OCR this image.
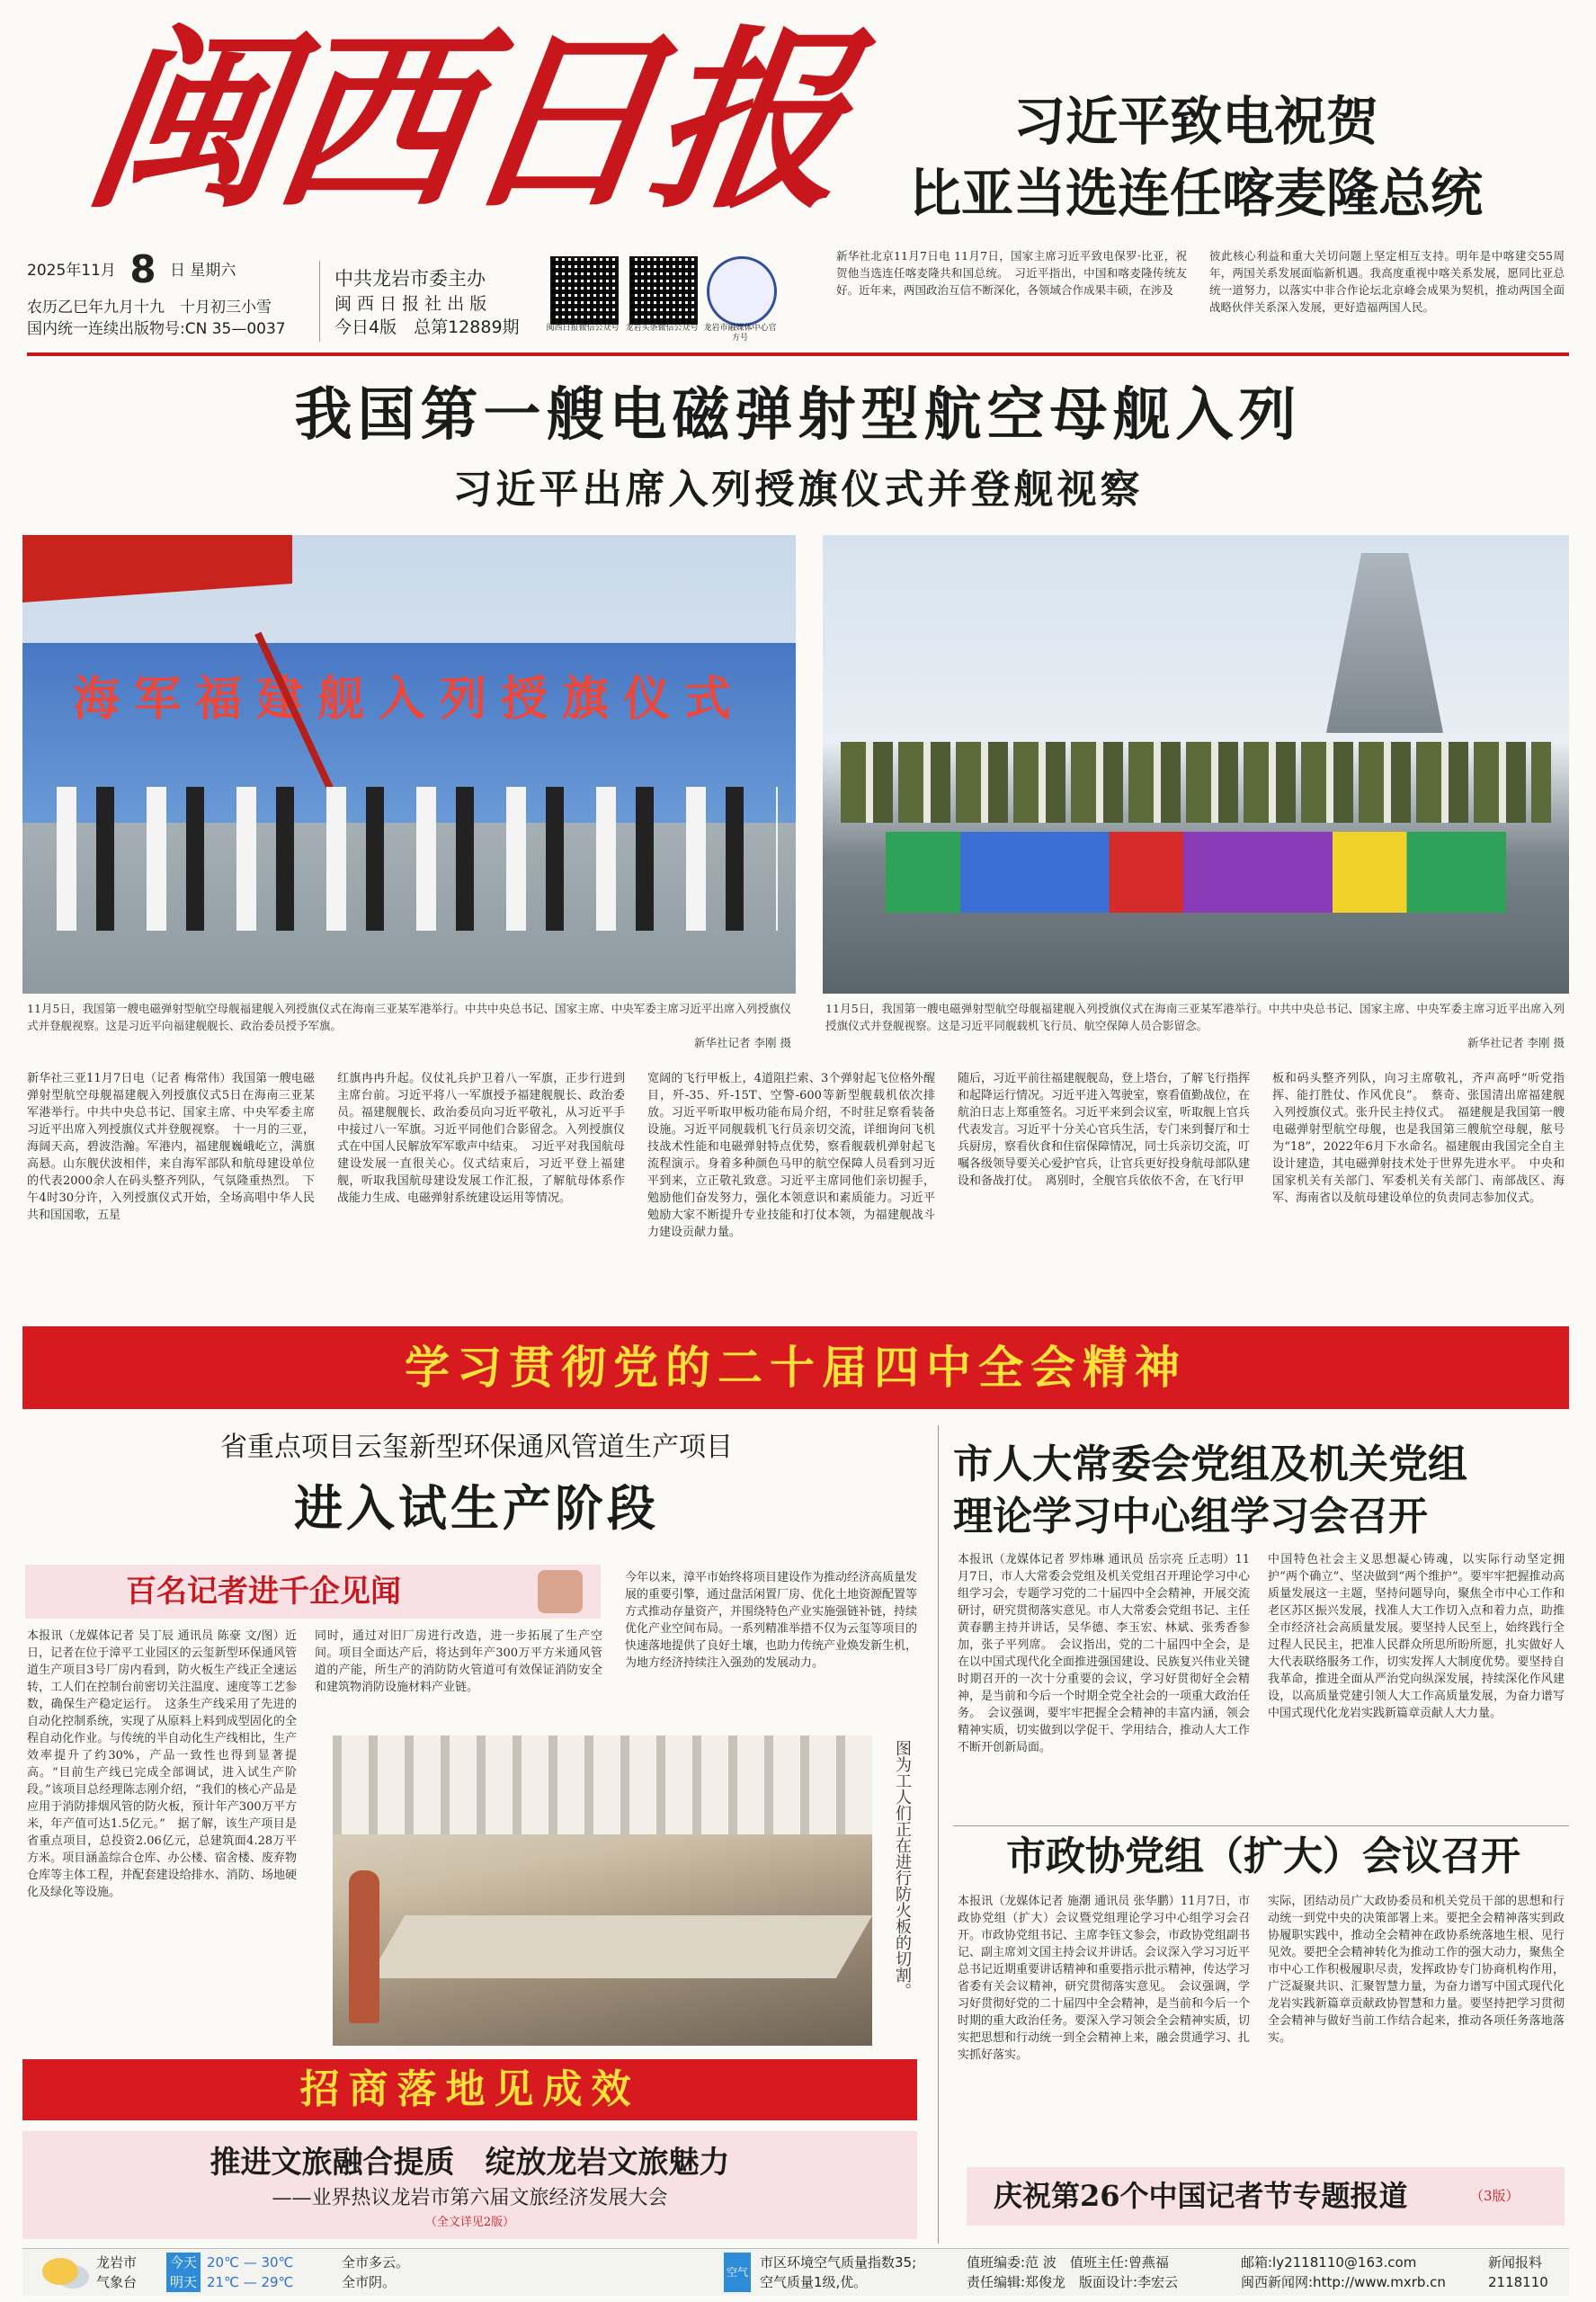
闽西日报
2025年11月 8 日 星期六
农历乙巳年九月十九　十月初三小雪
国内统一连续出版物号:CN 35—0037
中共龙岩市委主办
闽 西 日 报 社 出 版
今日4版　总第12889期	闽西日报微信公众号 龙岩头条微信公众号 龙岩市融媒体中心官方号
习近平致电祝贺
比亚当选连任喀麦隆总统
新华社北京11月7日电 11月7日，国家主席习近平致电保罗·比亚，祝贺他当选连任喀麦隆共和国总统。　习近平指出，中国和喀麦隆传统友好。近年来，两国政治互信不断深化，各领域合作成果丰硕，在涉及
彼此核心利益和重大关切问题上坚定相互支持。明年是中喀建交55周年，两国关系发展面临新机遇。我高度重视中喀关系发展，愿同比亚总统一道努力，以落实中非合作论坛北京峰会成果为契机，推动两国全面战略伙伴关系深入发展，更好造福两国人民。
我国第一艘电磁弹射型航空母舰入列
习近平出席入列授旗仪式并登舰视察
海军福建舰入列授旗仪式
11月5日，我国第一艘电磁弹射型航空母舰福建舰入列授旗仪式在海南三亚某军港举行。中共中央总书记、国家主席、中央军委主席习近平出席入列授旗仪式并登舰视察。这是习近平向福建舰舰长、政治委员授予军旗。
新华社记者 李刚 摄
11月5日，我国第一艘电磁弹射型航空母舰福建舰入列授旗仪式在海南三亚某军港举行。中共中央总书记、国家主席、中央军委主席习近平出席入列授旗仪式并登舰视察。这是习近平同舰载机飞行员、航空保障人员合影留念。
新华社记者 李刚 摄
新华社三亚11月7日电（记者 梅常伟）我国第一艘电磁弹射型航空母舰福建舰入列授旗仪式5日在海南三亚某军港举行。中共中央总书记、国家主席、中央军委主席习近平出席入列授旗仪式并登舰视察。　十一月的三亚，海阔天高，碧波浩瀚。军港内，福建舰巍峨屹立，满旗高悬。山东舰伏波相伴，来自海军部队和航母建设单位的代表2000余人在码头整齐列队，气氛隆重热烈。　下午4时30分许，入列授旗仪式开始，全场高唱中华人民共和国国歌，五星
红旗冉冉升起。仪仗礼兵护卫着八一军旗，正步行进到主席台前。习近平将八一军旗授予福建舰舰长、政治委员。福建舰舰长、政治委员向习近平敬礼，从习近平手中接过八一军旗。习近平同他们合影留念。入列授旗仪式在中国人民解放军军歌声中结束。　习近平对我国航母建设发展一直很关心。仪式结束后，习近平登上福建舰，听取我国航母建设发展工作汇报，了解航母体系作战能力生成、电磁弹射系统建设运用等情况。
宽阔的飞行甲板上，4道阻拦索、3个弹射起飞位格外醒目，歼-35、歼-15T、空警-600等新型舰载机依次排放。习近平听取甲板功能布局介绍，不时驻足察看装备设施。习近平同舰载机飞行员亲切交流，详细询问飞机技战术性能和电磁弹射特点优势，察看舰载机弹射起飞流程演示。身着多种颜色马甲的航空保障人员看到习近平到来，立正敬礼致意。习近平主席同他们亲切握手，勉励他们奋发努力，强化本领意识和素质能力。习近平勉励大家不断提升专业技能和打仗本领，为福建舰战斗力建设贡献力量。
随后，习近平前往福建舰舰岛，登上塔台，了解飞行指挥和起降运行情况。习近平进入驾驶室，察看值勤战位，在航泊日志上郑重签名。习近平来到会议室，听取舰上官兵代表发言。习近平十分关心官兵生活，专门来到餐厅和士兵厨房，察看伙食和住宿保障情况，同士兵亲切交流，叮嘱各级领导要关心爱护官兵，让官兵更好投身航母部队建设和备战打仗。　离别时，全舰官兵依依不舍，在飞行甲
板和码头整齐列队，向习主席敬礼，齐声高呼“听党指挥、能打胜仗、作风优良”。　蔡奇、张国清出席福建舰入列授旗仪式。张升民主持仪式。　福建舰是我国第一艘电磁弹射型航空母舰，也是我国第三艘航空母舰，舷号为“18”，2022年6月下水命名。福建舰由我国完全自主设计建造，其电磁弹射技术处于世界先进水平。　中央和国家机关有关部门、军委机关有关部门、南部战区、海军、海南省以及航母建设单位的负责同志参加仪式。
学习贯彻党的二十届四中全会精神
省重点项目云玺新型环保通风管道生产项目
进入试生产阶段
百名记者进千企见闻
本报讯（龙媒体记者 吴丁辰 通讯员 陈豪 文/图）近日，记者在位于漳平工业园区的云玺新型环保通风管道生产项目3号厂房内看到，防火板生产线正全速运转，工人们在控制台前密切关注温度、速度等工艺参数，确保生产稳定运行。　这条生产线采用了先进的自动化控制系统，实现了从原料上料到成型固化的全程自动化作业。与传统的半自动化生产线相比，生产效率提升了约30%，产品一致性也得到显著提高。“目前生产线已完成全部调试，进入试生产阶段。”该项目总经理陈志刚介绍，“我们的核心产品是应用于消防排烟风管的防火板，预计年产300万平方米，年产值可达1.5亿元。”　据了解，该生产项目是省重点项目，总投资2.06亿元，总建筑面4.28万平方米。项目涵盖综合仓库、办公楼、宿舍楼、废弃物仓库等主体工程，并配套建设给排水、消防、场地硬化及绿化等设施。
同时，通过对旧厂房进行改造，进一步拓展了生产空间。项目全面达产后，将达到年产300万平方米通风管道的产能，所生产的消防防火管道可有效保证消防安全和建筑物消防设施材料产业链。
今年以来，漳平市始终将项目建设作为推动经济高质量发展的重要引擎，通过盘活闲置厂房、优化土地资源配置等方式推动存量资产，并围绕特色产业实施强链补链，持续优化产业空间布局。一系列精准举措不仅为云玺等项目的快速落地提供了良好土壤，也助力传统产业焕发新生机，为地方经济持续注入强劲的发展动力。
图为工人们正在进行防火板的切割。
招商落地见成效
推进文旅融合提质　绽放龙岩文旅魅力
——业界热议龙岩市第六届文旅经济发展大会
（全文详见2版）
市人大常委会党组及机关党组
理论学习中心组学习会召开
本报讯（龙媒体记者 罗炜琳 通讯员 岳宗亮 丘志明）11月7日，市人大常委会党组及机关党组召开理论学习中心组学习会，专题学习党的二十届四中全会精神，开展交流研讨，研究贯彻落实意见。市人大常委会党组书记、主任黄春鹏主持并讲话，吴华德、李玉宏、林斌、张秀香参加，张子平列席。　会议指出，党的二十届四中全会，是在以中国式现代化全面推进强国建设、民族复兴伟业关键时期召开的一次十分重要的会议，学习好贯彻好全会精神，是当前和今后一个时期全党全社会的一项重大政治任务。　会议强调，要牢牢把握全会精神的丰富内涵，领会精神实质，切实做到以学促干、学用结合，推动人大工作不断开创新局面。
中国特色社会主义思想凝心铸魂，以实际行动坚定拥护“两个确立”、坚决做到“两个维护”。要牢牢把握推动高质量发展这一主题，坚持问题导向，聚焦全市中心工作和老区苏区振兴发展，找准人大工作切入点和着力点，助推全市经济社会高质量发展。要坚持人民至上，始终践行全过程人民民主，把准人民群众所思所盼所愿，扎实做好人大代表联络服务工作，切实发挥人大制度优势。要坚持自我革命，推进全面从严治党向纵深发展，持续深化作风建设，以高质量党建引领人大工作高质量发展，为奋力谱写中国式现代化龙岩实践新篇章贡献人大力量。
市政协党组（扩大）会议召开
本报讯（龙媒体记者 施潮 通讯员 张华鹏）11月7日，市政协党组（扩大）会议暨党组理论学习中心组学习会召开。市政协党组书记、主席李钰文参会，市政协党组副书记、副主席刘文国主持会议并讲话。会议深入学习习近平总书记近期重要讲话精神和重要指示批示精神，传达学习省委有关会议精神，研究贯彻落实意见。　会议强调，学习好贯彻好党的二十届四中全会精神，是当前和今后一个时期的重大政治任务。要深入学习领会全会精神实质，切实把思想和行动统一到全会精神上来，融会贯通学习、扎实抓好落实。
实际，团结动员广大政协委员和机关党员干部的思想和行动统一到党中央的决策部署上来。要把全会精神落实到政协履职实践中，推动全会精神在政协系统落地生根、见行见效。要把全会精神转化为推动工作的强大动力，聚焦全市中心工作积极履职尽责，发挥政协专门协商机构作用，广泛凝聚共识、汇聚智慧力量，为奋力谱写中国式现代化龙岩实践新篇章贡献政协智慧和力量。要坚持把学习贯彻全会精神与做好当前工作结合起来，推动各项任务落地落实。
庆祝第26个中国记者节专题报道	（3版）
龙岩市
气象台
今天
明天
20℃ — 30℃
21℃ — 29℃
全市多云。
全市阴。
空气
市区环境空气质量指数35;
空气质量1级,优。
值班编委:范 波　值班主任:曾燕福
责任编辑:郑俊龙　版面设计:李宏云
邮箱:ly2118110@163.com
闽西新闻网:http://www.mxrb.cn
新闻报料
2118110
